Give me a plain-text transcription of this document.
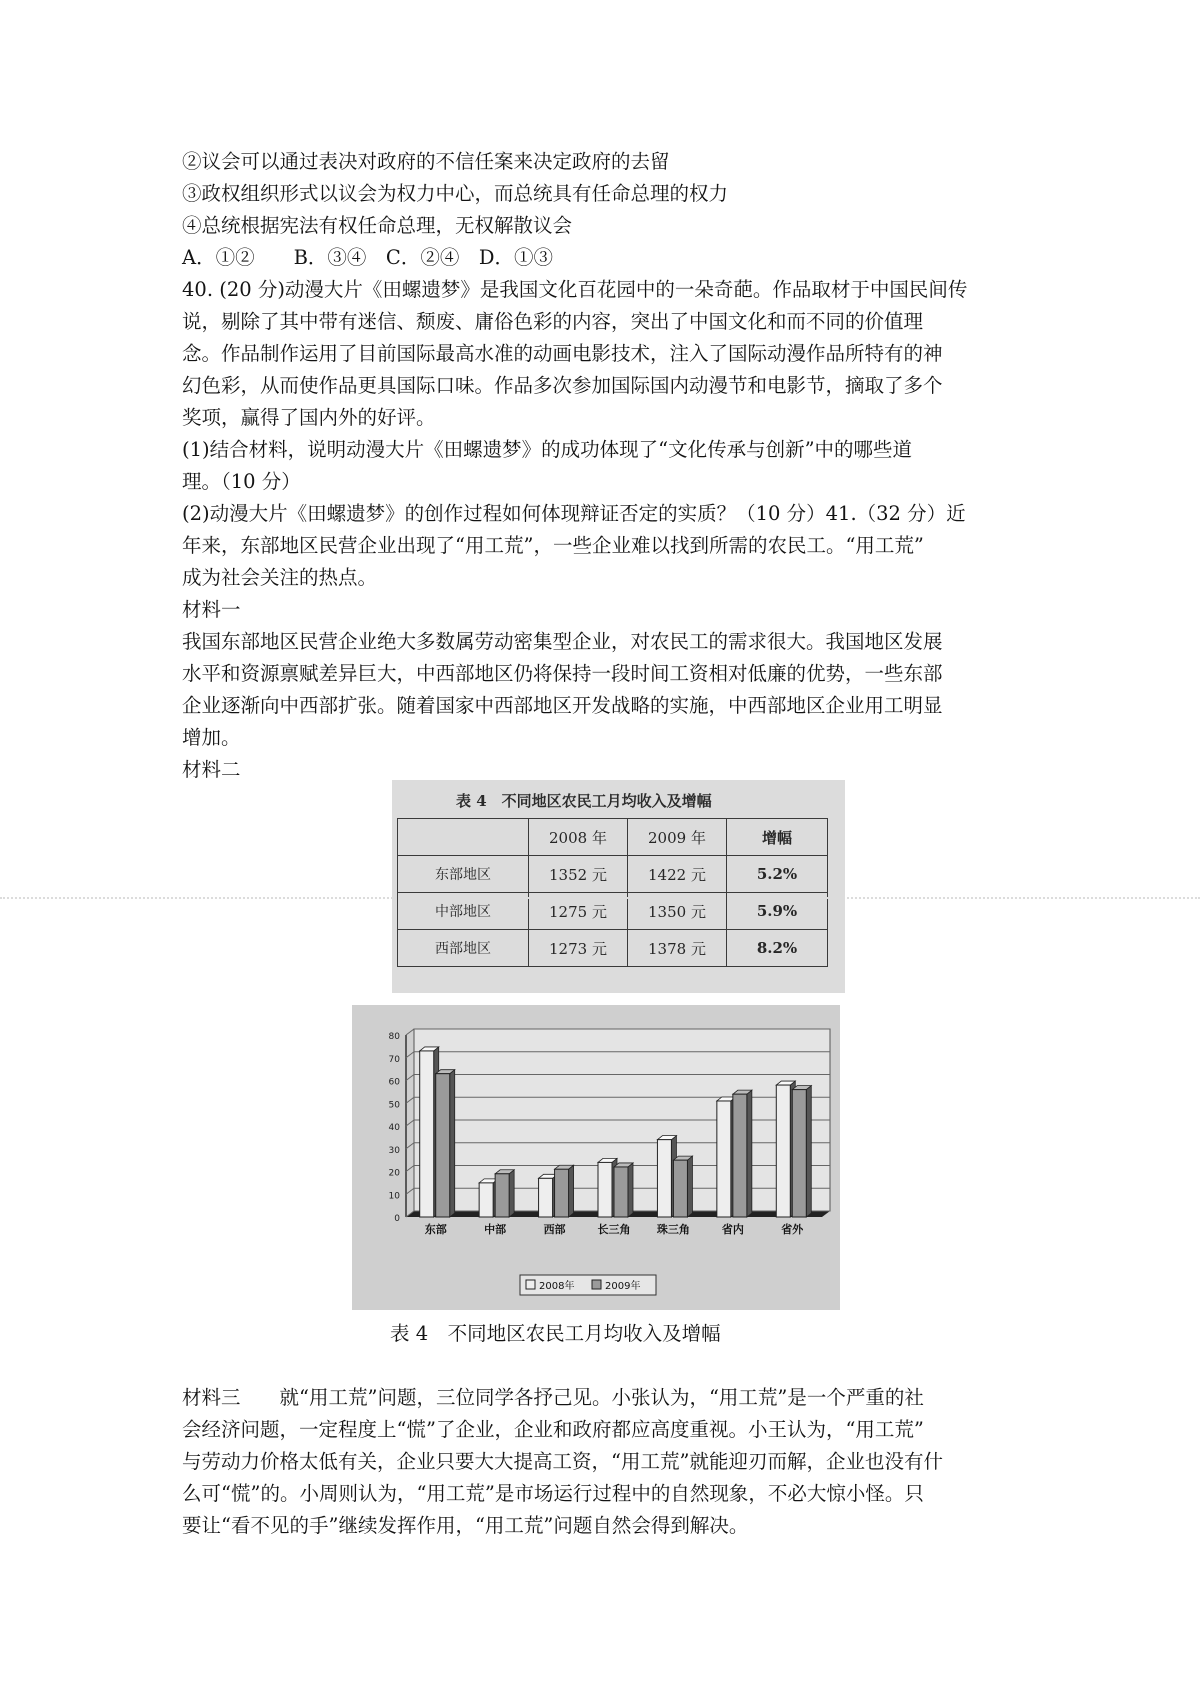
②议会可以通过表决对政府的不信任案来决定政府的去留
③政权组织形式以议会为权力中心，而总统具有任命总理的权力
④总统根据宪法有权任命总理，无权解散议会
A．①②　　B．③④　C．②④　D．①③
40. (20 分)动漫大片《田螺遗梦》是我国文化百花园中的一朵奇葩。作品取材于中国民间传
说，剔除了其中带有迷信、颓废、庸俗色彩的内容，突出了中国文化和而不同的价值理
念。作品制作运用了目前国际最高水准的动画电影技术，注入了国际动漫作品所特有的神
幻色彩，从而使作品更具国际口味。作品多次参加国际国内动漫节和电影节，摘取了多个
奖项，赢得了国内外的好评。
(1)结合材料，说明动漫大片《田螺遗梦》的成功体现了“文化传承与创新”中的哪些道
理。（10 分）
(2)动漫大片《田螺遗梦》的创作过程如何体现辩证否定的实质？（10 分）41.（32 分）近
年来，东部地区民营企业出现了“用工荒”，一些企业难以找到所需的农民工。“用工荒”
成为社会关注的热点。
材料一
我国东部地区民营企业绝大多数属劳动密集型企业，对农民工的需求很大。我国地区发展
水平和资源禀赋差异巨大，中西部地区仍将保持一段时间工资相对低廉的优势，一些东部
企业逐渐向中西部扩张。随着国家中西部地区开发战略的实施，中西部地区企业用工明显
增加。
材料二
表 4　不同地区农民工月均收入及增幅
	2008 年	2009 年	增幅
东部地区	1352 元	1422 元	5.2%
中部地区	1275 元	1350 元	5.9%
西部地区	1273 元	1378 元	8.2%
0
10
20
30
40
50
60
70
80
东部	中部	西部	长三角 珠三角	省内	省外
2008年	2009年
表 4　不同地区农民工月均收入及增幅
材料三　　就“用工荒”问题，三位同学各抒己见。小张认为，“用工荒”是一个严重的社
会经济问题，一定程度上“慌”了企业，企业和政府都应高度重视。小王认为，“用工荒”
与劳动力价格太低有关，企业只要大大提高工资，“用工荒”就能迎刃而解，企业也没有什
么可“慌”的。小周则认为，“用工荒”是市场运行过程中的自然现象，不必大惊小怪。只
要让“看不见的手”继续发挥作用，“用工荒”问题自然会得到解决。
